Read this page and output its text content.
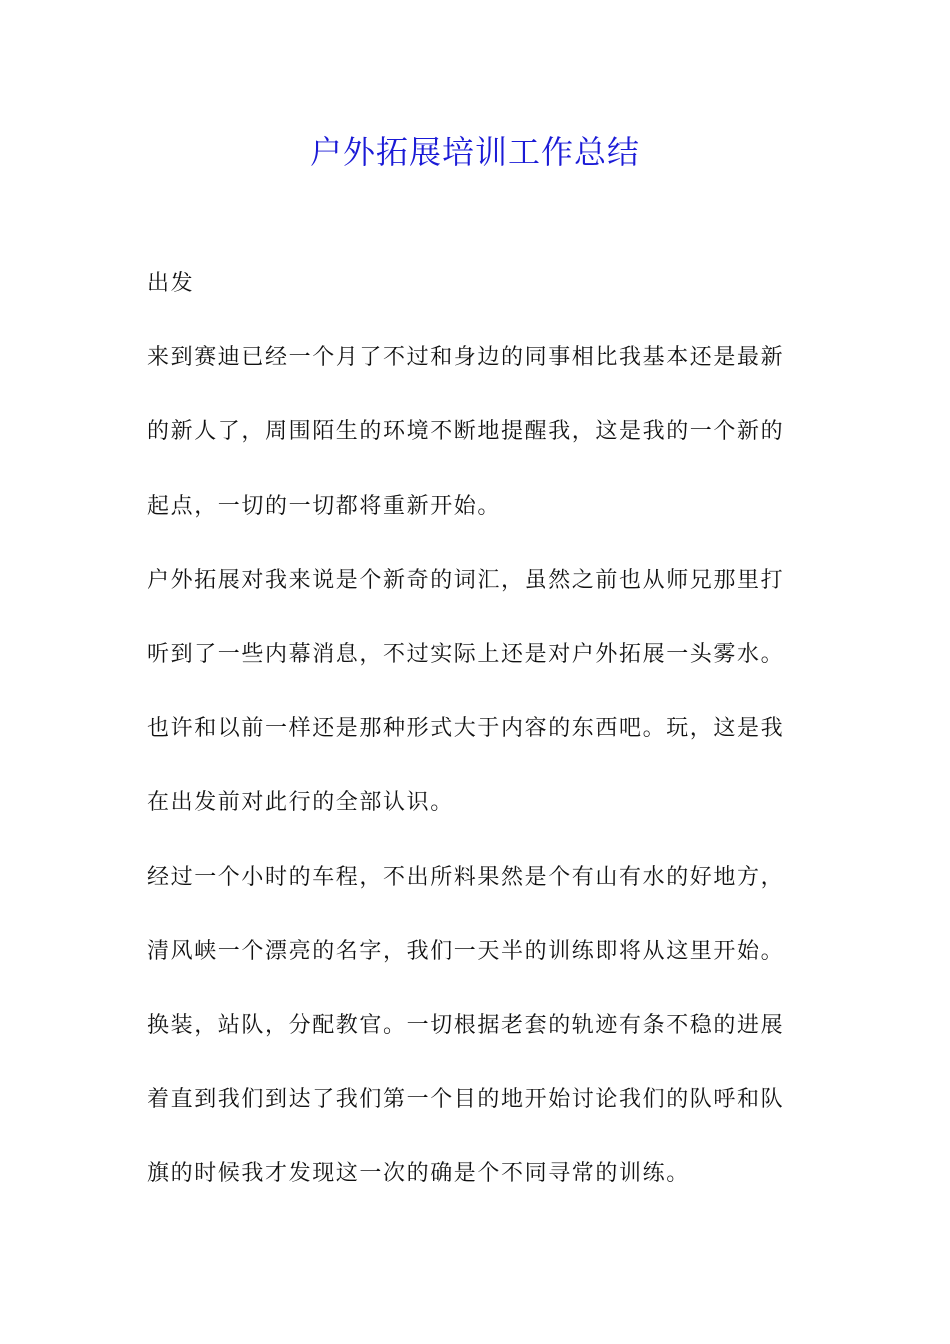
户外拓展培训工作总结
出发
来到赛迪已经一个月了不过和身边的同事相比我基本还是最新
的新人了，周围陌生的环境不断地提醒我，这是我的一个新的
起点，一切的一切都将重新开始。
户外拓展对我来说是个新奇的词汇，虽然之前也从师兄那里打
听到了一些内幕消息，不过实际上还是对户外拓展一头雾水。
也许和以前一样还是那种形式大于内容的东西吧。玩，这是我
在出发前对此行的全部认识。
经过一个小时的车程，不出所料果然是个有山有水的好地方，
清风峡一个漂亮的名字，我们一天半的训练即将从这里开始。
换装，站队，分配教官。一切根据老套的轨迹有条不稳的进展
着直到我们到达了我们第一个目的地开始讨论我们的队呼和队
旗的时候我才发现这一次的确是个不同寻常的训练。
